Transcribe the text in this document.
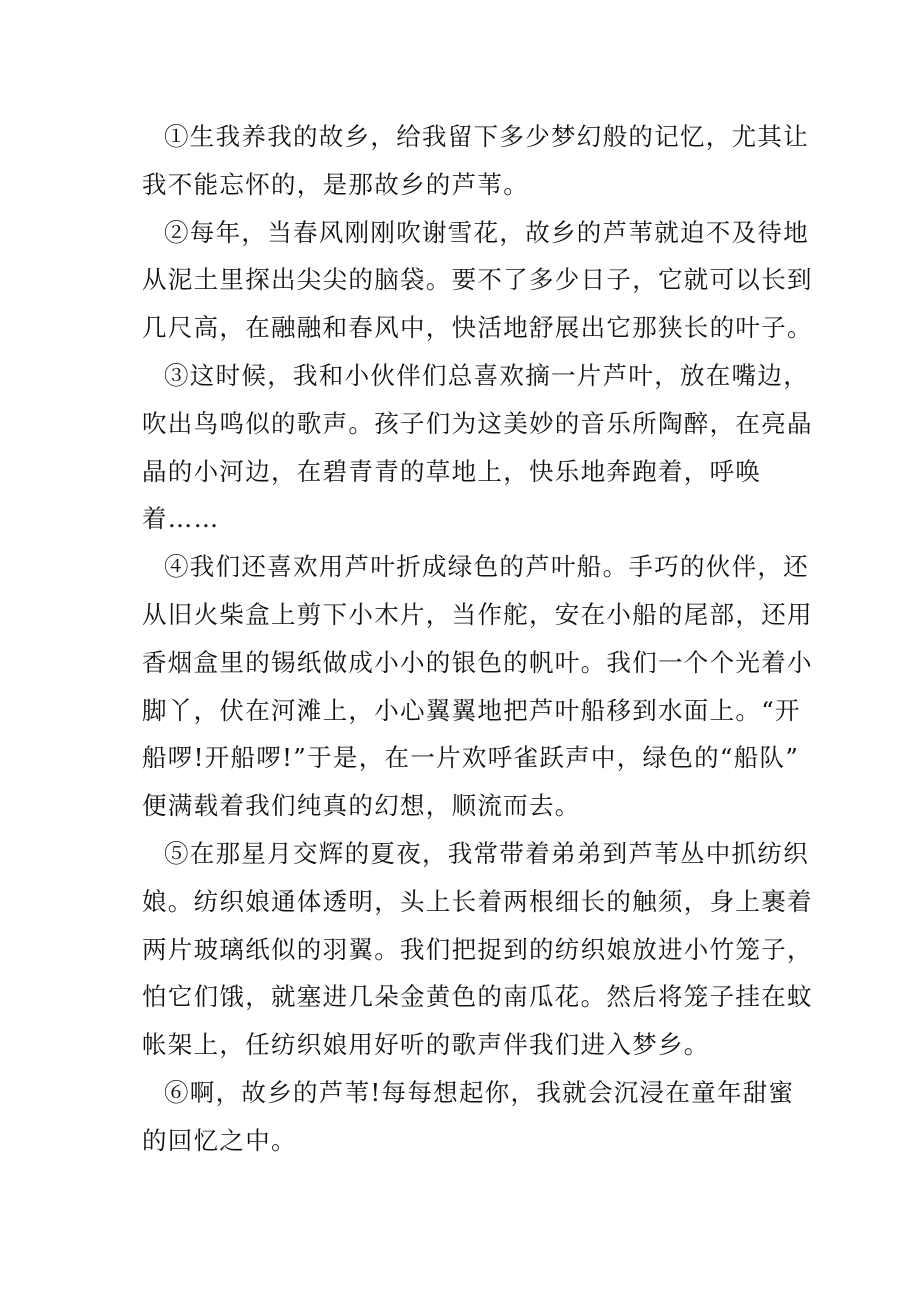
①生我养我的故乡，给我留下多少梦幻般的记忆，尤其让
我不能忘怀的，是那故乡的芦苇。
②每年，当春风刚刚吹谢雪花，故乡的芦苇就迫不及待地
从泥土里探出尖尖的脑袋。要不了多少日子，它就可以长到
几尺高，在融融和春风中，快活地舒展出它那狭长的叶子。
③这时候，我和小伙伴们总喜欢摘一片芦叶，放在嘴边，
吹出鸟鸣似的歌声。孩子们为这美妙的音乐所陶醉，在亮晶
晶的小河边，在碧青青的草地上，快乐地奔跑着，呼唤
着……
④我们还喜欢用芦叶折成绿色的芦叶船。手巧的伙伴，还
从旧火柴盒上剪下小木片，当作舵，安在小船的尾部，还用
香烟盒里的锡纸做成小小的银色的帆叶。我们一个个光着小
脚丫，伏在河滩上，小心翼翼地把芦叶船移到水面上。“开
船啰!开船啰!”于是，在一片欢呼雀跃声中，绿色的“船队”
便满载着我们纯真的幻想，顺流而去。
⑤在那星月交辉的夏夜，我常带着弟弟到芦苇丛中抓纺织
娘。纺织娘通体透明，头上长着两根细长的触须，身上裹着
两片玻璃纸似的羽翼。我们把捉到的纺织娘放进小竹笼子，
怕它们饿，就塞进几朵金黄色的南瓜花。然后将笼子挂在蚊
帐架上，任纺织娘用好听的歌声伴我们进入梦乡。
⑥啊，故乡的芦苇!每每想起你，我就会沉浸在童年甜蜜
的回忆之中。
